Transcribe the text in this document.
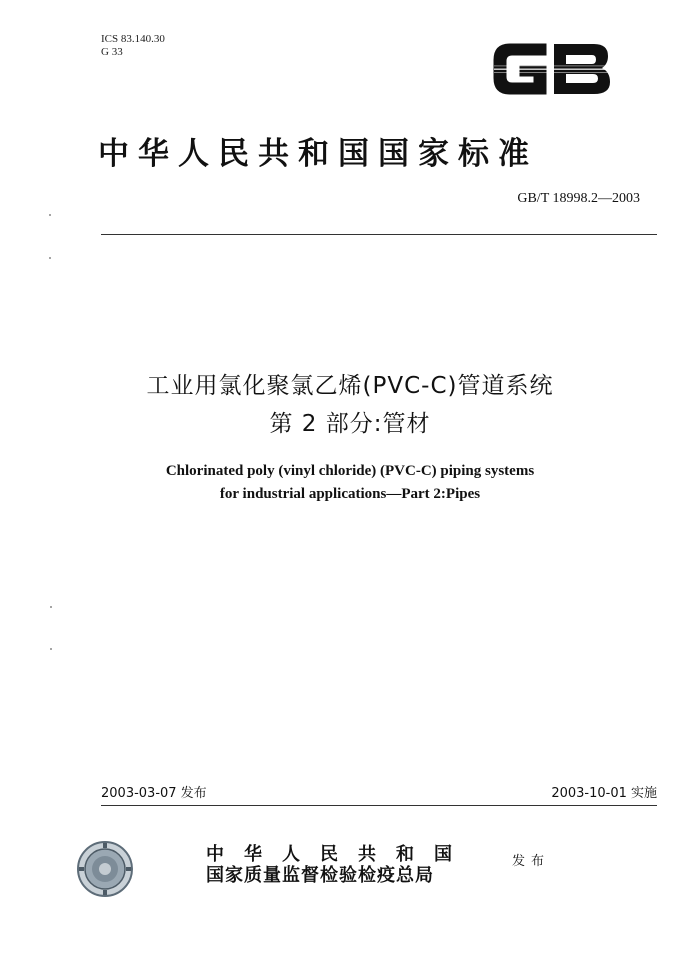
ICS 83.140.30
G 33
中华人民共和国国家标准
GB/T 18998.2—2003
工业用氯化聚氯乙烯(PVC-C)管道系统
第 2 部分:管材
Chlorinated poly (vinyl chloride) (PVC-C) piping systems
for industrial applications—Part 2:Pipes
2003-03-07 发布	2003-10-01 实施
中华人民共和国
国家质量监督检验检疫总局
发布
